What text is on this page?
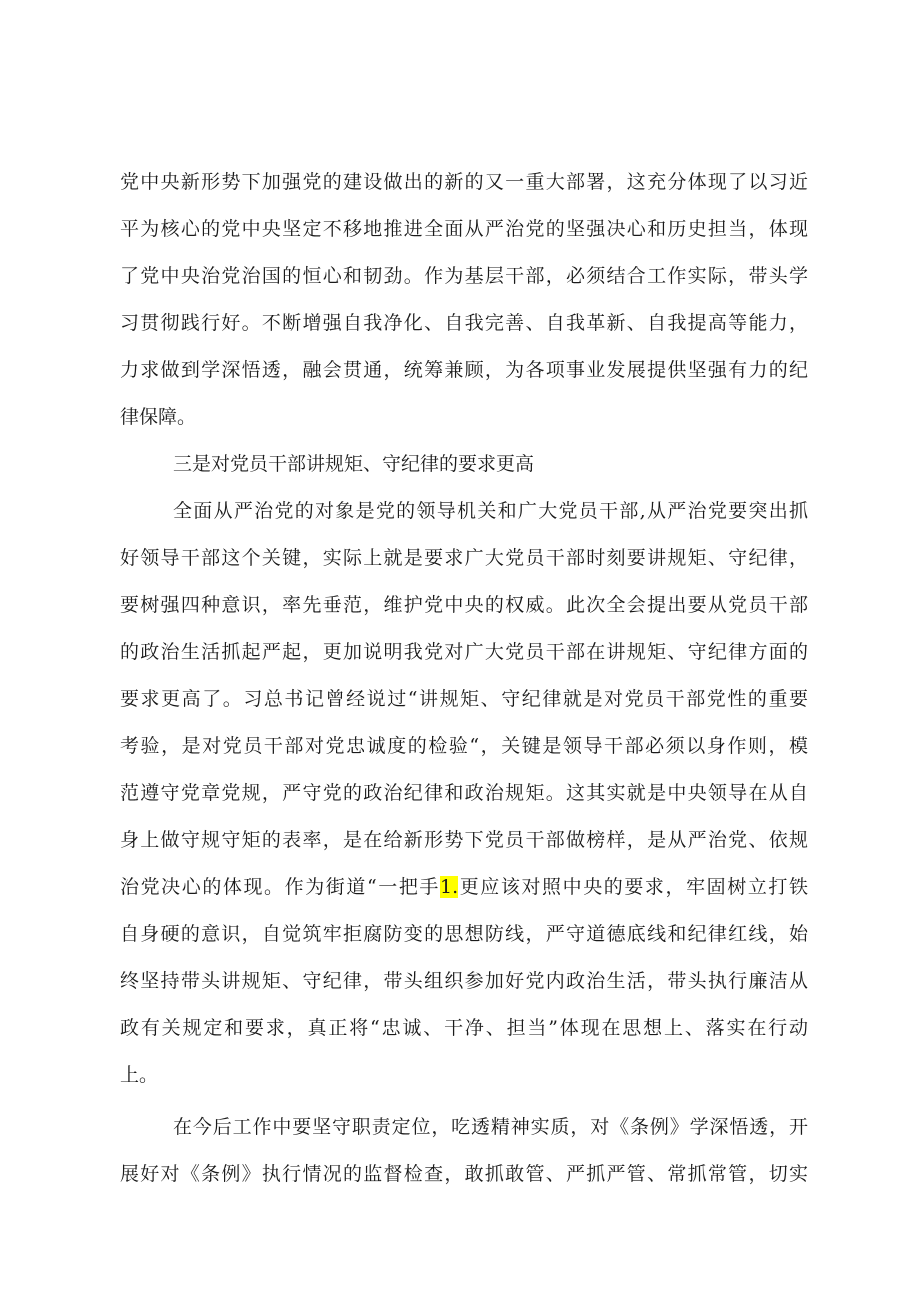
党中央新形势下加强党的建设做出的新的又一重大部署，这充分体现了以习近
平为核心的党中央坚定不移地推进全面从严治党的坚强决心和历史担当，体现
了党中央治党治国的恒心和韧劲。作为基层干部，必须结合工作实际，带头学
习贯彻践行好。不断增强自我净化、自我完善、自我革新、自我提高等能力，
力求做到学深悟透，融会贯通，统筹兼顾，为各项事业发展提供坚强有力的纪
律保障。
三是对党员干部讲规矩、守纪律的要求更高
全面从严治党的对象是党的领导机关和广大党员干部,从严治党要突出抓
好领导干部这个关键，实际上就是要求广大党员干部时刻要讲规矩、守纪律，
要树强四种意识，率先垂范，维护党中央的权威。此次全会提出要从党员干部
的政治生活抓起严起，更加说明我党对广大党员干部在讲规矩、守纪律方面的
要求更高了。习总书记曾经说过“讲规矩、守纪律就是对党员干部党性的重要
考验，是对党员干部对党忠诚度的检验“，关键是领导干部必须以身作则，模
范遵守党章党规，严守党的政治纪律和政治规矩。这其实就是中央领导在从自
身上做守规守矩的表率，是在给新形势下党员干部做榜样，是从严治党、依规
治党决心的体现。作为街道“一把手1.更应该对照中央的要求，牢固树立打铁
自身硬的意识，自觉筑牢拒腐防变的思想防线，严守道德底线和纪律红线，始
终坚持带头讲规矩、守纪律，带头组织参加好党内政治生活，带头执行廉洁从
政有关规定和要求，真正将“忠诚、干净、担当”体现在思想上、落实在行动
上。
在今后工作中要坚守职责定位，吃透精神实质，对《条例》学深悟透，开
展好对《条例》执行情况的监督检查，敢抓敢管、严抓严管、常抓常管，切实
